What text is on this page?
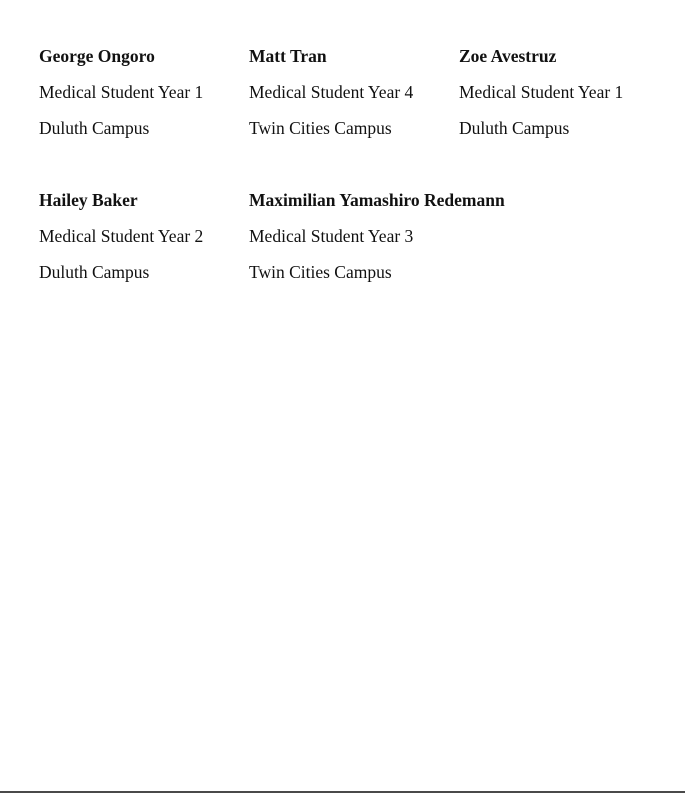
George Ongoro
Medical Student Year 1
Duluth Campus
Matt Tran
Medical Student Year 4
Twin Cities Campus
Zoe Avestruz
Medical Student Year 1
Duluth Campus
Hailey Baker
Medical Student Year 2
Duluth Campus
Maximilian Yamashiro Redemann
Medical Student Year 3
Twin Cities Campus
